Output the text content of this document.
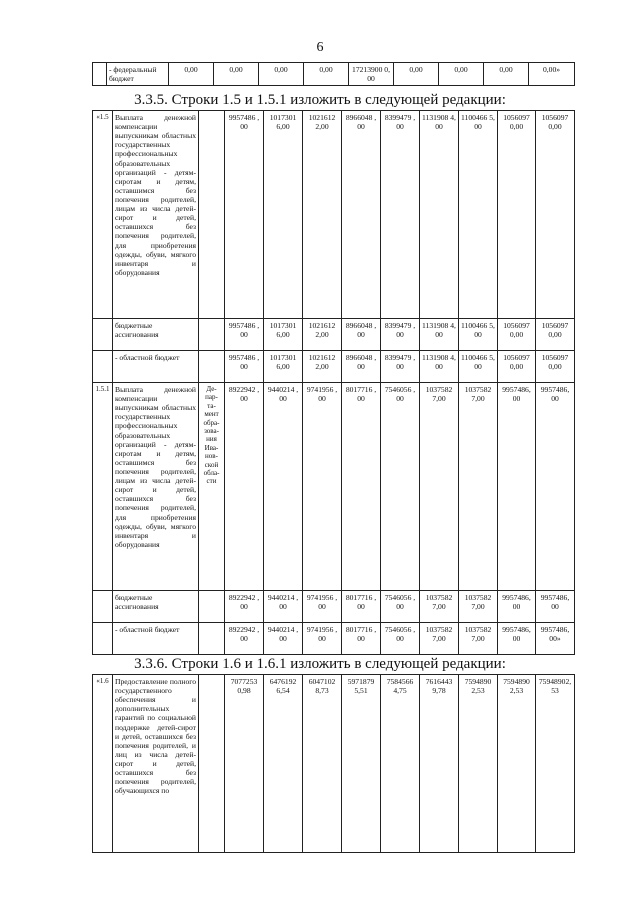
6
	- федеральный бюджет		0,00	0,00	0,00	0,00	17213900 0,00	0,00	0,00	0,00	0,00»
3.3.5. Строки 1.5 и 1.5.1 изложить в следующей редакции:
«1.5	Выплата денежной компенсации выпускникам областных государственных профессиональных образовательных организаций - детям-сиротам и детям, оставшимся без попечения родителей, лицам из числа детей-сирот и детей, оставшихся без попечения родителей, для приобретения одежды, обуви, мягкого инвентаря и оборудования		9957486 ,00	1017301 6,00	1021612 2,00	8966048 ,00	8399479 ,00	1131908 4,00	1100466 5,00	1056097 0,00	1056097 0,00
	бюджетные ассигнования		9957486 ,00	1017301 6,00	1021612 2,00	8966048 ,00	8399479 ,00	1131908 4,00	1100466 5,00	1056097 0,00	1056097 0,00
	- областной бюджет		9957486 ,00	1017301 6,00	1021612 2,00	8966048 ,00	8399479 ,00	1131908 4,00	1100466 5,00	1056097 0,00	1056097 0,00
1.5.1	Выплата денежной компенсации выпускникам областных государственных профессиональных образовательных организаций - детям-сиротам и детям, оставшимся без попечения родителей, лицам из числа детей-сирот и детей, оставшихся без попечения родителей, для приобретения одежды, обуви, мягкого инвентаря и оборудования	Де- пар- та- мент обра- зова- ния Ива- нов- ской обла- сти	8922942 ,00	9440214 ,00	9741956 ,00	8017716 ,00	7546056 ,00	1037582 7,00	1037582 7,00	9957486, 00	9957486, 00
	бюджетные ассигнования		8922942 ,00	9440214 ,00	9741956 ,00	8017716 ,00	7546056 ,00	1037582 7,00	1037582 7,00	9957486, 00	9957486, 00
	- областной бюджет		8922942 ,00	9440214 ,00	9741956 ,00	8017716 ,00	7546056 ,00	1037582 7,00	1037582 7,00	9957486, 00	9957486, 00»
3.3.6. Строки 1.6 и 1.6.1 изложить в следующей редакции:
«1.6	Предоставление полного государственного обеспечения и дополнительных гарантий по социальной поддержке детей-сирот и детей, оставшихся без попечения родителей, и лиц из числа детей-сирот и детей, оставшихся без попечения родителей, обучающихся по		7077253 0,98	6476192 6,54	6047102 8,73	5971879 5,51	7584566 4,75	7616443 9,78	7594890 2,53	7594890 2,53	75948902, 53
